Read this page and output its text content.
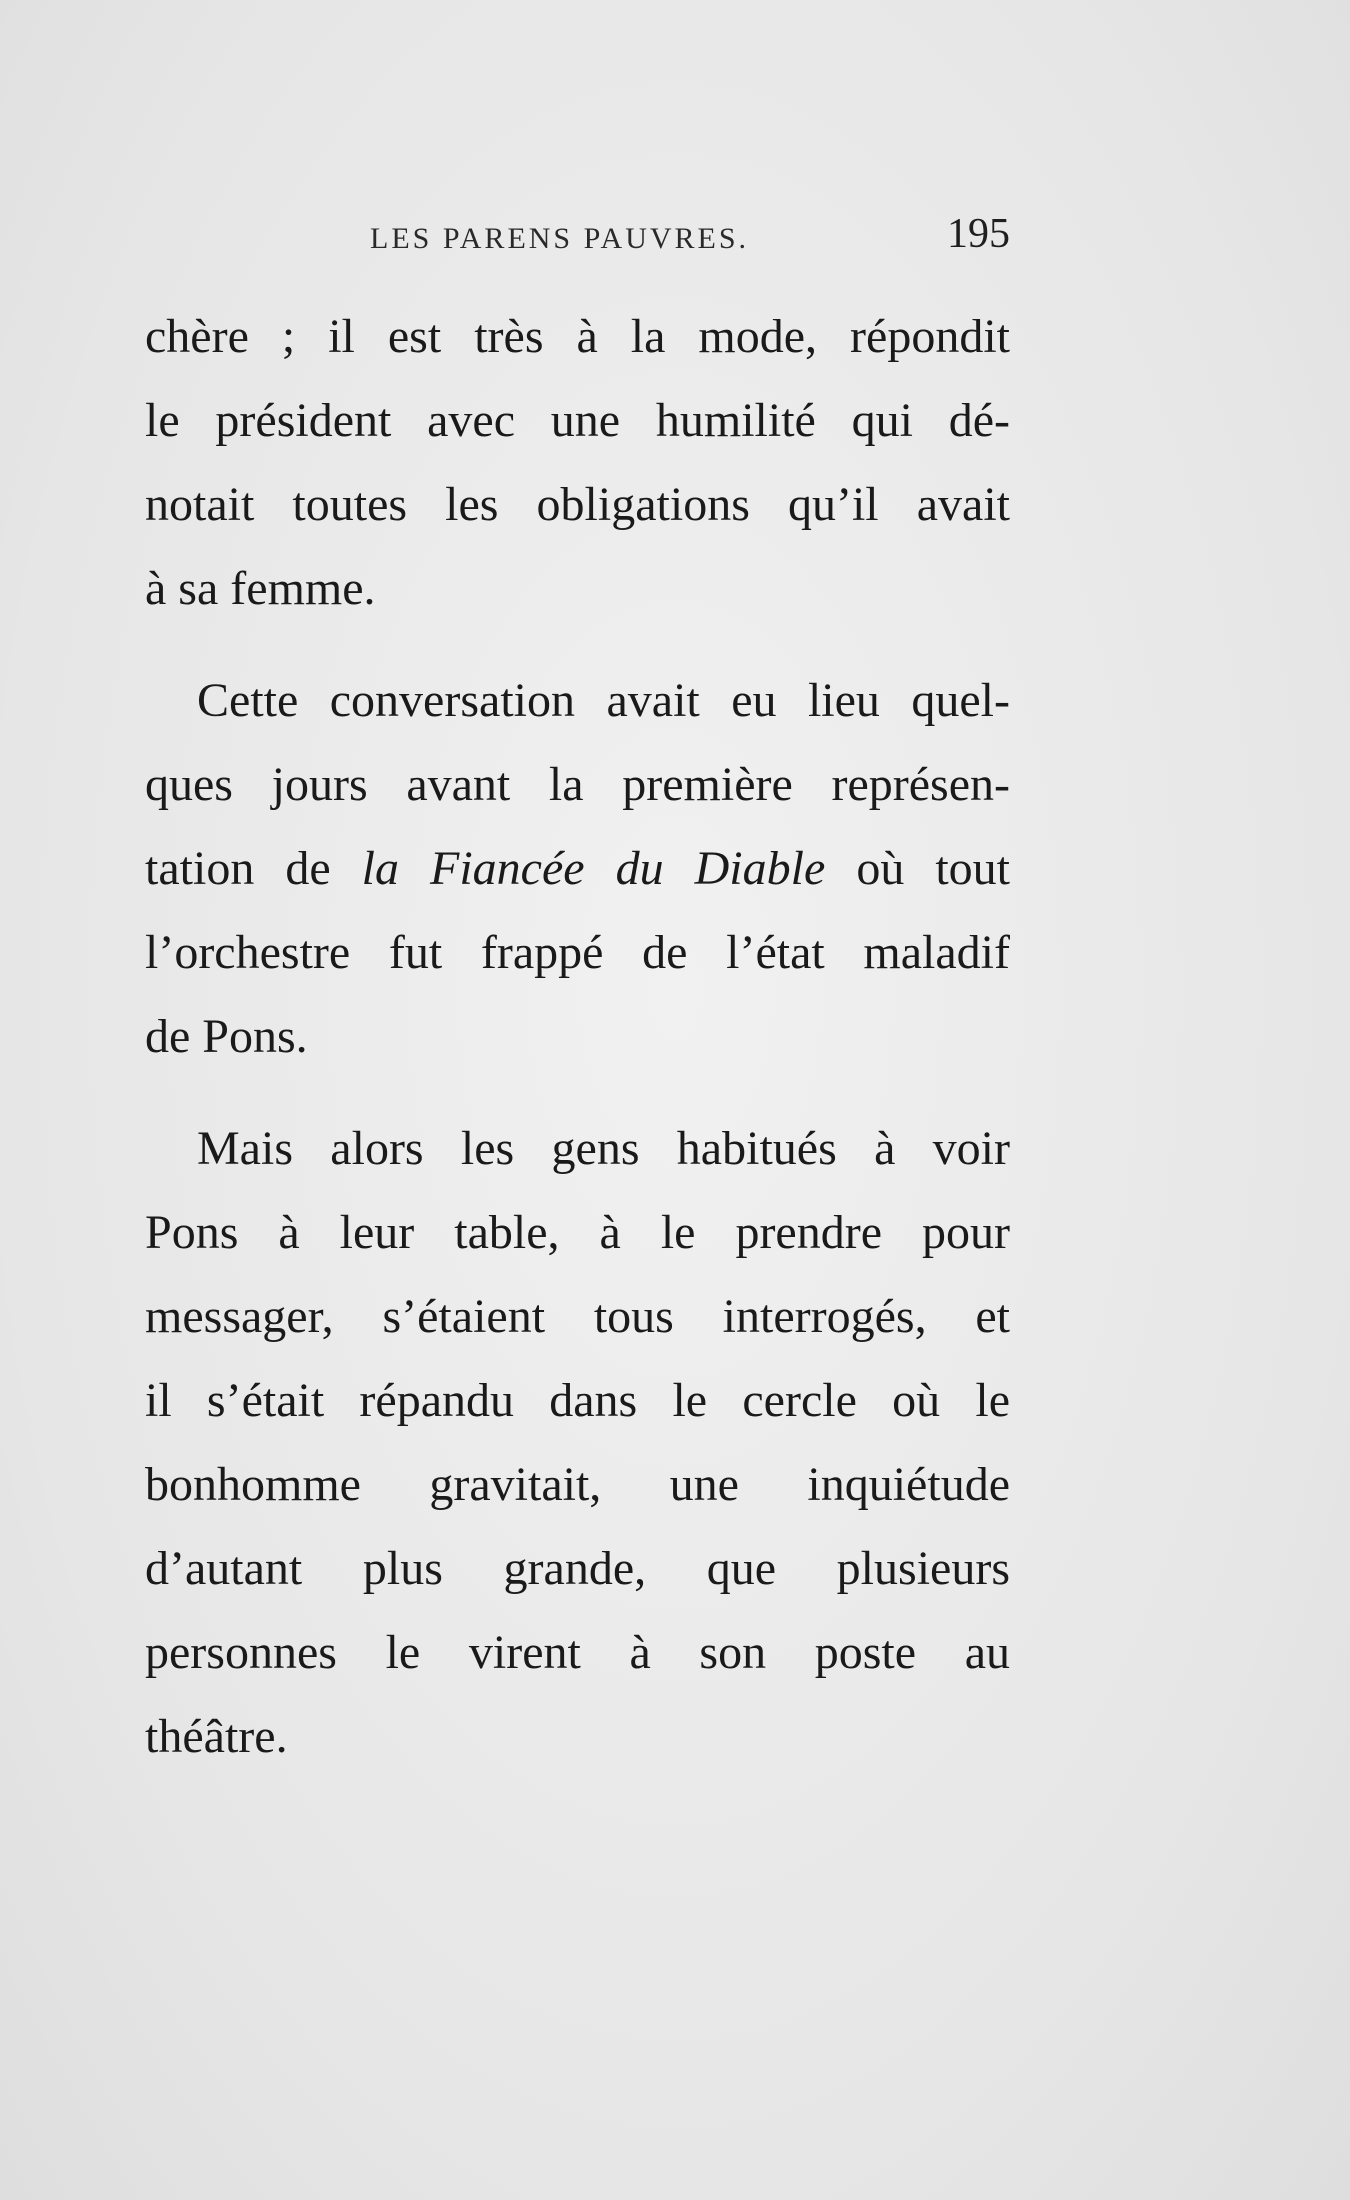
LES PARENS PAUVRES.	195
chère ; il est très à la mode, répondit
le président avec une humilité qui dé-
notait toutes les obligations qu’il avait
à sa femme.
Cette conversation avait eu lieu quel-
ques jours avant la première représen-
tation de la Fiancée du Diable où tout
l’orchestre fut frappé de l’état maladif
de Pons.
Mais alors les gens habitués à voir
Pons à leur table, à le prendre pour
messager, s’étaient tous interrogés, et
il s’était répandu dans le cercle où le
bonhomme gravitait, une inquiétude
d’autant plus grande, que plusieurs
personnes le virent à son poste au
théâtre.
